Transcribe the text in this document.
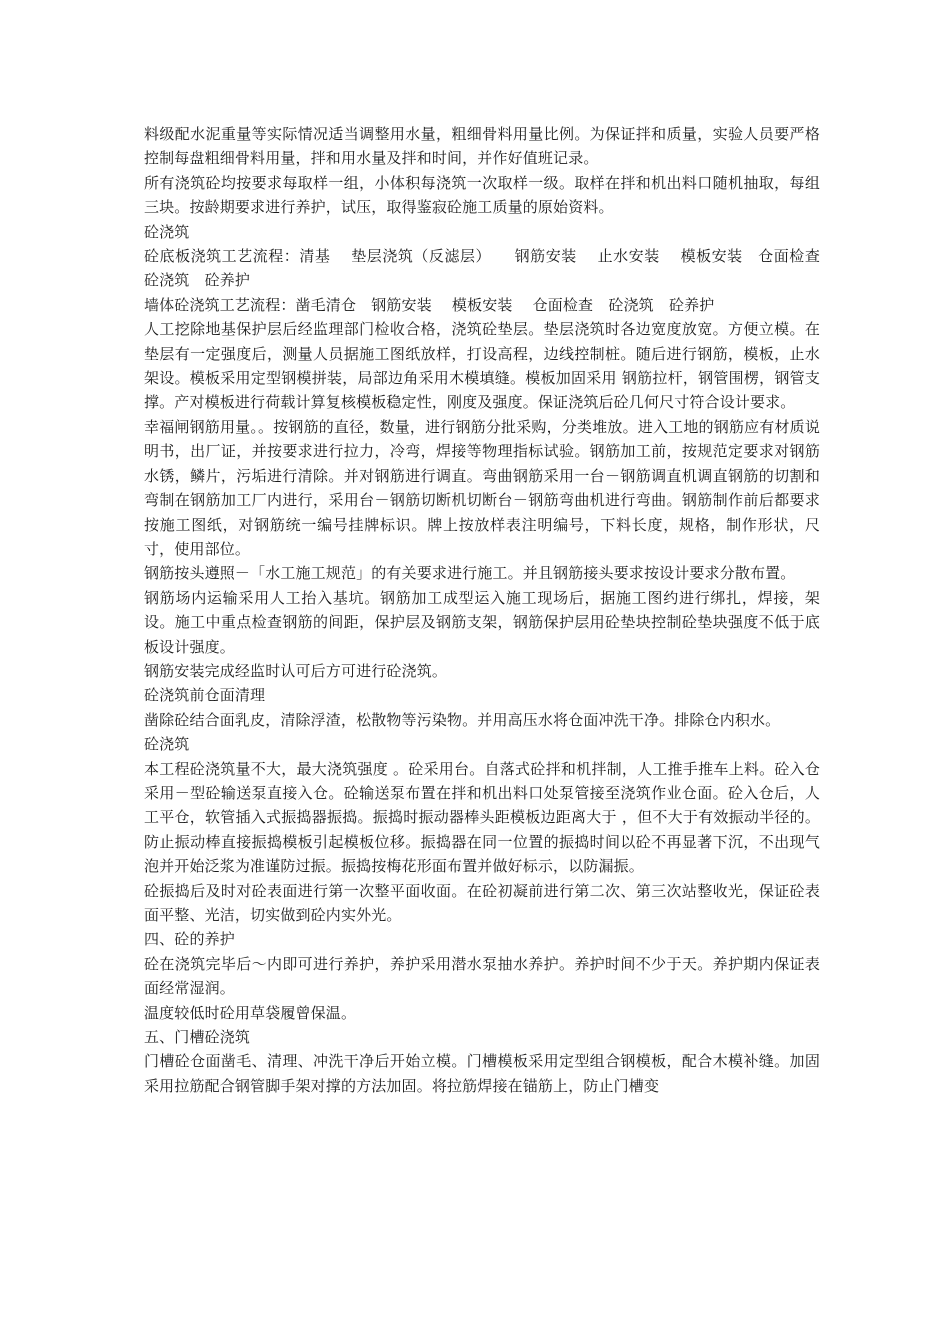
料级配水泥重量等实际情况适当调整用水量，粗细骨料用量比例。为保证拌和质量，实验人员要严格控制每盘粗细骨料用量，拌和用水量及拌和时间，并作好值班记录。

所有浇筑砼均按要求每取样一组，小体积每浇筑一次取样一级。取样在拌和机出料口随机抽取，每组三块。按龄期要求进行养护，试压，取得鉴寂砼施工质量的原始资料。

砼浇筑

砼底板浇筑工艺流程：清基　 垫层浇筑（反滤层）　　钢筋安装　 止水安装　 模板安装　仓面检查　 砼浇筑　砼养护

墙体砼浇筑工艺流程：凿毛清仓　钢筋安装　 模板安装　 仓面检查　砼浇筑　砼养护

人工挖除地基保护层后经监理部门检收合格，浇筑砼垫层。垫层浇筑时各边宽度放宽。方便立模。在垫层有一定强度后，测量人员据施工图纸放样，打设高程，边线控制桩。随后进行钢筋，模板，止水架设。模板采用定型钢模拼装，局部边角采用木模填缝。模板加固采用 钢筋拉杆，钢管围楞，钢管支撑。产对模板进行荷载计算复核模板稳定性，刚度及强度。保证浇筑后砼几何尺寸符合设计要求。

幸福闸钢筋用量。。按钢筋的直径，数量，进行钢筋分批采购，分类堆放。进入工地的钢筋应有材质说明书，出厂证，并按要求进行拉力，冷弯，焊接等物理指标试验。钢筋加工前，按规范定要求对钢筋水锈，鳞片，污垢进行清除。并对钢筋进行调直。弯曲钢筋采用一台－钢筋调直机调直钢筋的切割和弯制在钢筋加工厂内进行，采用台－钢筋切断机切断台－钢筋弯曲机进行弯曲。钢筋制作前后都要求按施工图纸，对钢筋统一编号挂牌标识。牌上按放样表注明编号，下料长度，规格，制作形状，尺寸，使用部位。

钢筋按头遵照－「水工施工规范」的有关要求进行施工。并且钢筋接头要求按设计要求分散布置。

钢筋场内运输采用人工抬入基坑。钢筋加工成型运入施工现场后，据施工图约进行绑扎，焊接，架设。施工中重点检查钢筋的间距，保护层及钢筋支架，钢筋保护层用砼垫块控制砼垫块强度不低于底板设计强度。

钢筋安装完成经监时认可后方可进行砼浇筑。

砼浇筑前仓面清理

凿除砼结合面乳皮，清除浮渣，松散物等污染物。并用高压水将仓面冲洗干净。排除仓内积水。

砼浇筑

本工程砼浇筑量不大，最大浇筑强度 。砼采用台。自落式砼拌和机拌制，人工推手推车上料。砼入仓采用－型砼输送泵直接入仓。砼输送泵布置在拌和机出料口处泵管接至浇筑作业仓面。砼入仓后，人工平仓，软管插入式振捣器振捣。振捣时振动器棒头距模板边距离大于 ，但不大于有效振动半径的。防止振动棒直接振捣模板引起模板位移。振捣器在同一位置的振捣时间以砼不再显著下沉，不出现气泡并开始泛浆为准谨防过振。振捣按梅花形面布置并做好标示，以防漏振。

砼振捣后及时对砼表面进行第一次整平面收面。在砼初凝前进行第二次、第三次站整收光，保证砼表面平整、光洁，切实做到砼内实外光。

四、砼的养护

砼在浇筑完毕后～内即可进行养护，养护采用潜水泵抽水养护。养护时间不少于天。养护期内保证表面经常湿润。

温度较低时砼用草袋履曾保温。

五、门槽砼浇筑

门槽砼仓面凿毛、清理、冲洗干净后开始立模。门槽模板采用定型组合钢模板，配合木模补缝。加固采用拉筋配合钢管脚手架对撑的方法加固。将拉筋焊接在锚筋上，防止门槽变
